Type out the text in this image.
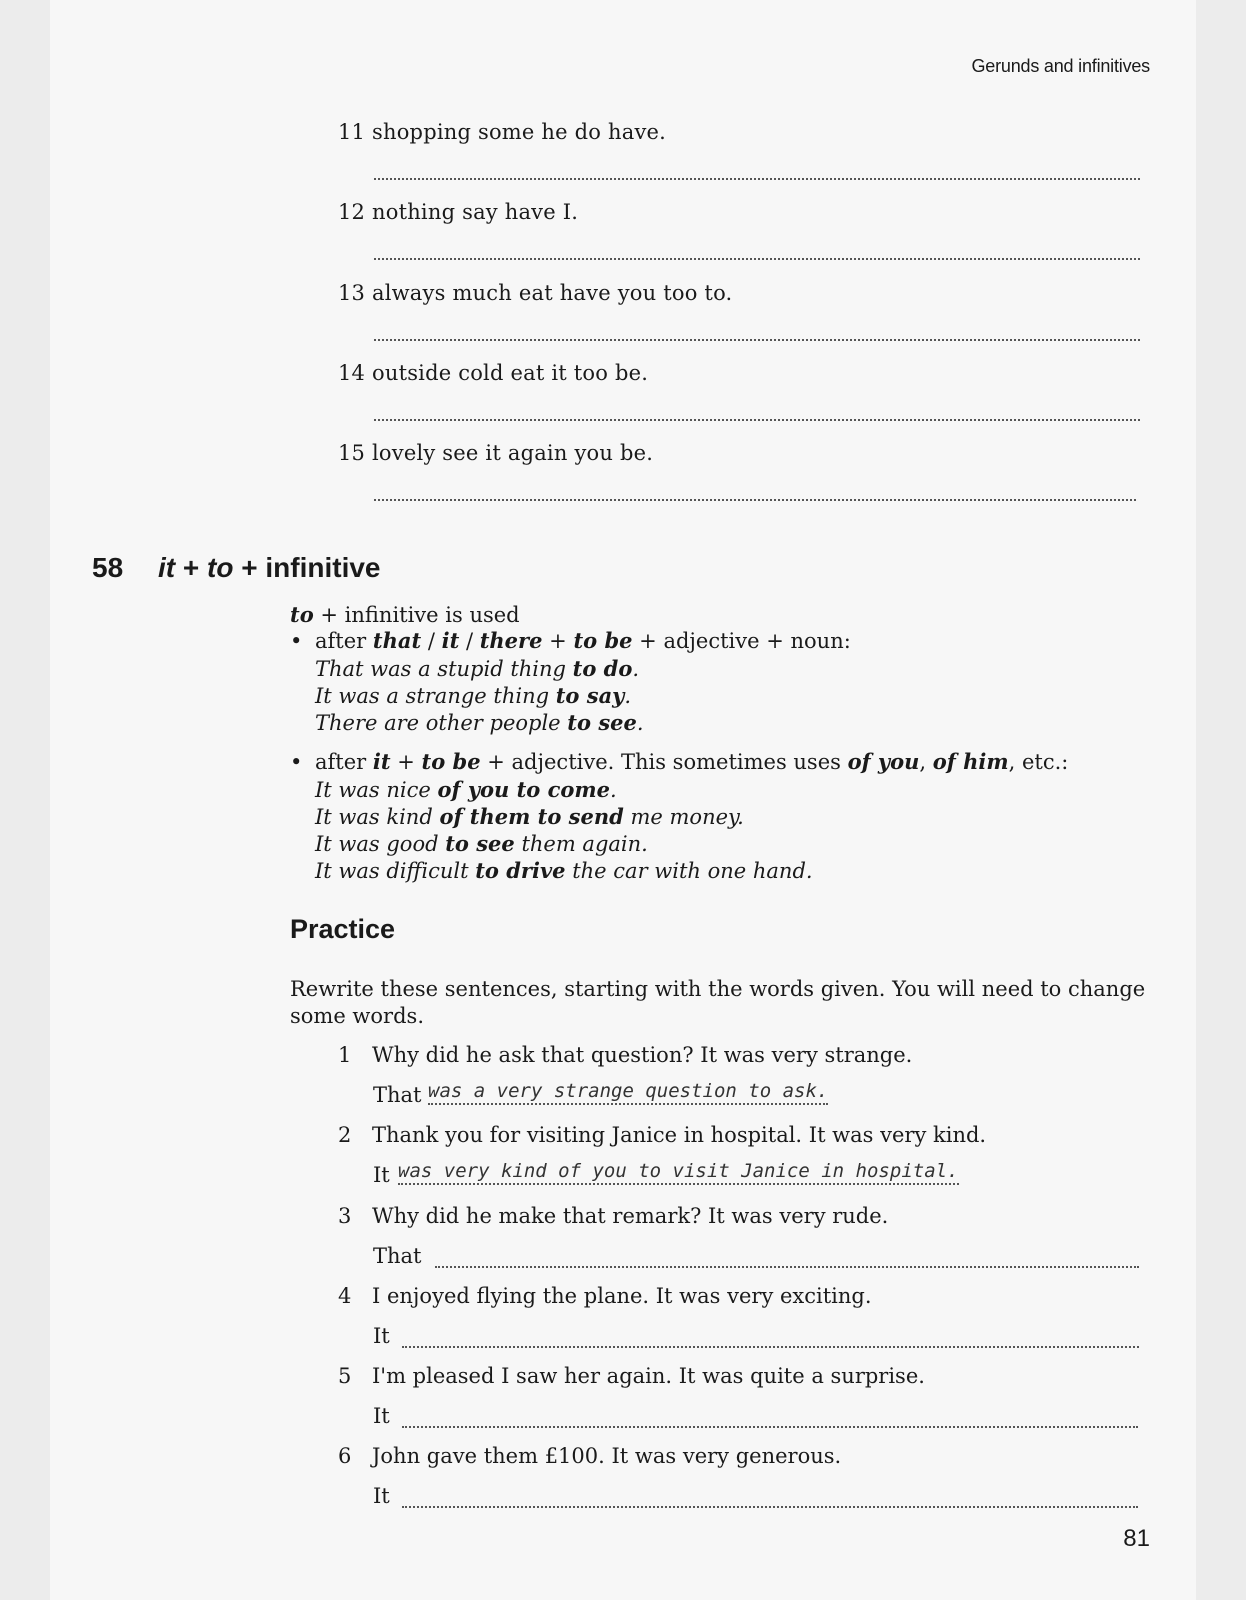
Gerunds and infinitives
11 shopping some he do have.
12 nothing say have I.
13 always much eat have you too to.
14 outside cold eat it too be.
15 lovely see it again you be.
58 it + to + infinitive
to + infinitive is used
• after that / it / there + to be + adjective + noun:
That was a stupid thing to do.
It was a strange thing to say.
There are other people to see.
• after it + to be + adjective. This sometimes uses of you, of him, etc.:
It was nice of you to come.
It was kind of them to send me money.
It was good to see them again.
It was difficult to drive the car with one hand.
Practice
Rewrite these sentences, starting with the words given. You will need to change
some words.
1 Why did he ask that question? It was very strange.
That was a very strange question to ask.
2 Thank you for visiting Janice in hospital. It was very kind.
It was very kind of you to visit Janice in hospital.
3 Why did he make that remark? It was very rude.
That
4 I enjoyed flying the plane. It was very exciting.
It
5 I'm pleased I saw her again. It was quite a surprise.
It
6 John gave them £100. It was very generous.
It
81
